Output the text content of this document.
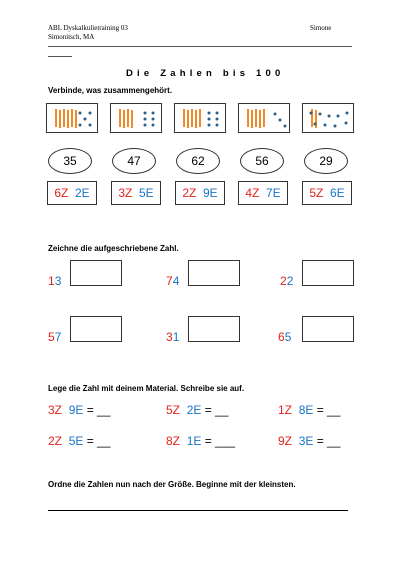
ABL Dyskalkulietraining 03
Simonitsch, MA
Simone
Die Zahlen bis 100
Verbinde, was zusammengehört.
35	47	62	56	29
6Z 2E	3Z 5E	2Z 9E	4Z 7E	5Z 6E
Zeichne die aufgeschriebene Zahl.
13	74	22
57	31	65
Lege die Zahl mit deinem Material. Schreibe sie auf.
3Z 9E = __	5Z 2E = __	1Z 8E = __
2Z 5E = __	8Z 1E = ___	9Z 3E = __
Ordne die Zahlen nun nach der Größe. Beginne mit der kleinsten.
